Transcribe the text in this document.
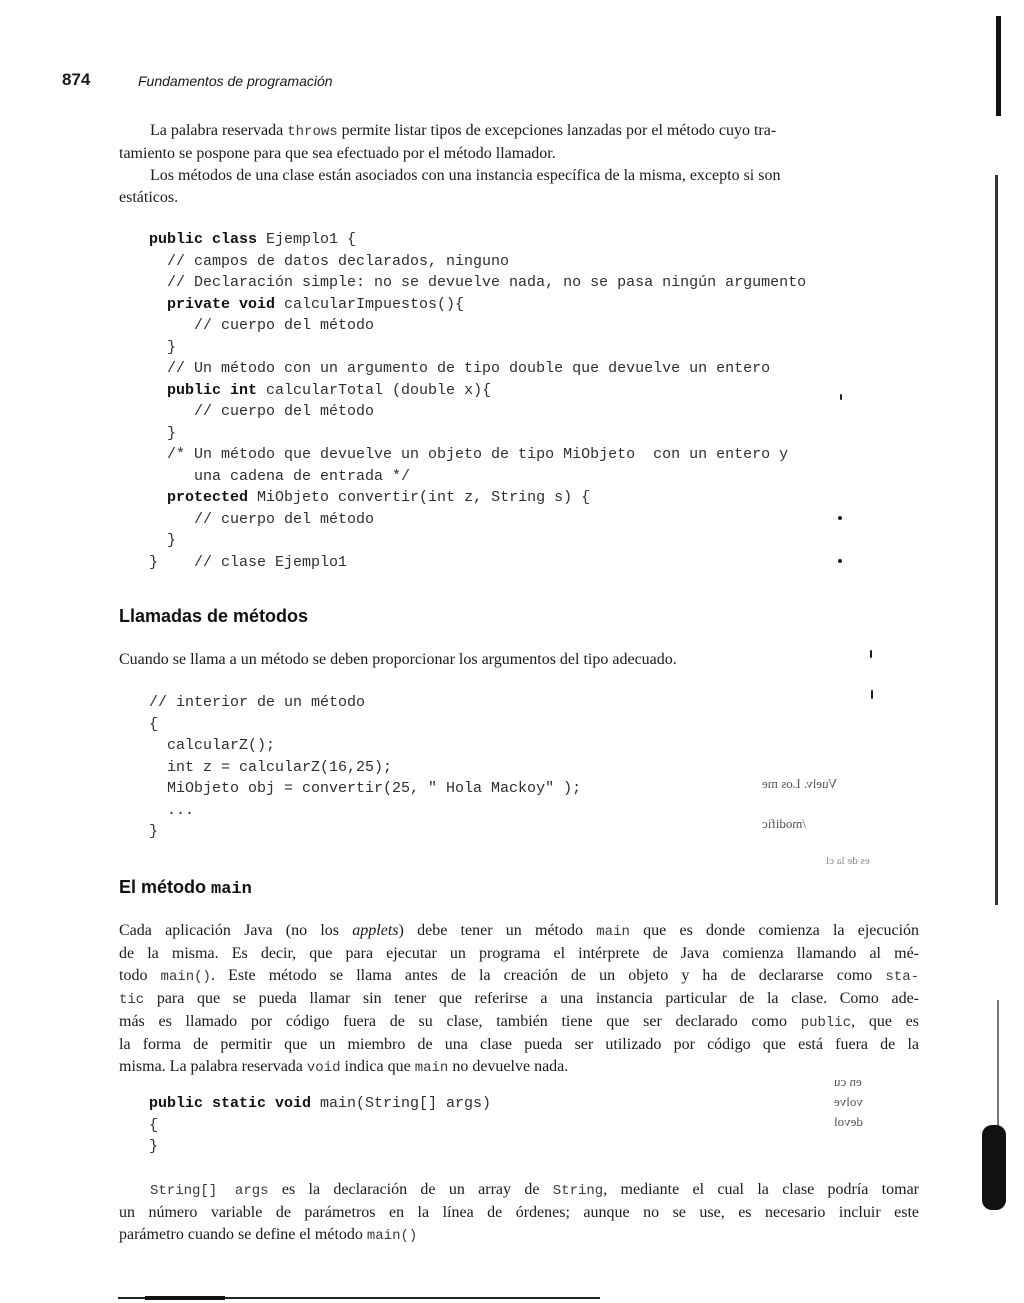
874	Fundamentos de programación
La palabra reservada throws permite listar tipos de excepciones lanzadas por el método cuyo tra-
tamiento se pospone para que sea efectuado por el método llamador.
Los métodos de una clase están asociados con una instancia específica de la misma, excepto si son
estáticos.
public class Ejemplo1 {
// campos de datos declarados, ninguno
// Declaración simple: no se devuelve nada, no se pasa ningún argumento
private void calcularImpuestos(){
// cuerpo del método
}
// Un método con un argumento de tipo double que devuelve un entero
public int calcularTotal (double x){
// cuerpo del método
}
/* Un método que devuelve un objeto de tipo MiObjeto  con un entero y
una cadena de entrada */
protected MiObjeto convertir(int z, String s) {
// cuerpo del método
}
}    // clase Ejemplo1
Llamadas de métodos
Cuando se llama a un método se deben proporcionar los argumentos del tipo adecuado.
// interior de un método
{
calcularZ();
int z = calcularZ(16,25);
MiObjeto obj = convertir(25, " Hola Mackoy" );
...
}
El método main
Cada aplicación Java (no los applets) debe tener un método main que es donde comienza la ejecución
de la misma. Es decir, que para ejecutar un programa el intérprete de Java comienza llamando al mé-
todo main(). Este método se llama antes de la creación de un objeto y ha de declararse como sta-
tic para que se pueda llamar sin tener que referirse a una instancia particular de la clase. Como ade-
más es llamado por código fuera de su clase, también tiene que ser declarado como public, que es
la forma de permitir que un miembro de una clase pueda ser utilizado por código que está fuera de la
misma. La palabra reservada void indica que main no devuelve nada.
public static void main(String[] args)
{
}
String[] args es la declaración de un array de String, mediante el cual la clase podría tomar
un número variable de parámetros en la línea de órdenes; aunque no se use, es necesario incluir este
parámetro cuando se define el método main()
Vuelv. Los me
/modific
es de la cl
en cu
volve
devol
